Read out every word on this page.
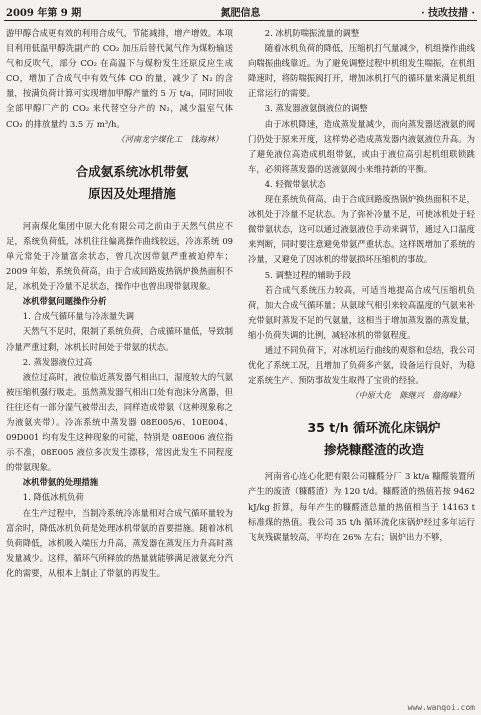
2009 年第 9 期	氮肥信息	· 技改技措 ·

游甲醇合成更有效的利用合成气，节能减排，增产增效。本项目利用低温甲醇洗副产的 CO₂ 加压后替代氮气作为煤粉输送气和反吹气，部分 CO₂ 在高温下与煤粉发生还原反应生成 CO，增加了合成气中有效气体 CO 的量，减少了 N₂ 的含量，按满负荷计算可实现增加甲醇产量约 5 万 t/a，同时回收全部甲醇厂产的 CO₂ 来代替空分产的 N₂，减少温室气体 CO₂ 的排放量约 3.5 万 m³/h。

（河南龙宇煤化工　钱海林）

合成氨系统冰机带氨

原因及处理措施

河南煤化集团中原大化有限公司之前由于天然气供应不足，系统负荷低，冰机往往偏离操作曲线较远，冷冻系统 09 单元常处于冷量富余状态，曾几次因带氨严重被迫停车；2009 年始，系统负荷高，由于合成回路废热锅炉换热面积不足，冰机处于冷量不足状态，操作中也曾出现带氨现象。

冰机带氨问题操作分析

1. 合成气循环量与冷冻量失调

天然气不足时，限制了系统负荷，合成循环量低，导致制冷量严重过剩，冰机长时间处于带氨的状态。

2. 蒸发器液位过高

液位过高时，液位临近蒸发器气相出口，湿度较大的气氨被压缩机强行吸走。虽然蒸发器气相出口处有泡沫分离器，但往往还有一部分湿气被带出去，同样造成带氨（这种现象称之为液氨夹带）。冷冻系统中蒸发器 08E005/6、10E004、09D001 均有发生这种现象的可能，特别是 08E006 液位指示不准，08E005 液位多次发生漂移，常因此发生不同程度的带氨现象。

冰机带氨的处理措施

1. 降低冰机负荷

在生产过程中，当制冷系统冷冻量相对合成气循环量较为富余时，降低冰机负荷是处理冰机带氨的首要措施。随着冰机负荷降低，冰机吸入端压力升高，蒸发器在蒸发压力升高时蒸发量减少。这样，循环气所释放的热量就能够满足液氨充分汽化的需要，从根本上制止了带氨的再发生。

2. 冰机防喘振流量的调整

随着冰机负荷的降低，压缩机打气量减少，机组操作曲线向喘振曲线靠近。为了避免调整过程中机组发生喘振，在机组降速时，将防喘振阀打开，增加冰机打气的循环量来满足机组正常运行的需要。

3. 蒸发器液氨倒液位的调整

由于冰机降速，造成蒸发量减少，而向蒸发器送液氨的阀门仍处于原来开度，这样势必造成蒸发器内液氨液位升高。为了避免液位高造成机组带氨，或由于液位高引起机组联锁跳车，必须将蒸发器的送液氨阀小来维持新的平衡。

4. 轻微带氨状态

现在系统负荷高，由于合成回路废热锅炉换热面积不足，冰机处于冷量不足状态。为了弥补冷量不足，可使冰机处于轻微带氨状态，这可以通过液氨液位手动来调节，通过入口温度来判断，同时要注意避免带氨严重状态。这样既增加了系统的冷量，又避免了因冰机的带氨损坏压缩机的事故。

5. 调整过程的辅助手段

若合成气系统压力较高，可适当地提高合成气压缩机负荷，加大合成气循环量；从氨球气相引来较高温度的气氨来补充带氨时蒸发不足的气氨量，这相当于增加蒸发器的蒸发量，缩小负荷失调的比例，减轻冰机的带氨程度。

通过不同负荷下，对冰机运行曲线的观察和总结，我公司优化了系统工况，且增加了负荷多产氨，设备运行良好，为稳定系统生产、预防事故发生取得了宝贵的经验。

（中原大化　陈继兴　詹海峰）

35 t/h 循环流化床锅炉

掺烧糠醛渣的改造

河南省心连心化肥有限公司糠醛分厂 3 kt/a 糠醛装置所产生的废渣（糠醛渣）为 120 t/d。糠醛渣的热值若按 9462 kJ/kg 折算，每年产生的糠醛渣总量的热值相当于 14163 t 标准煤的热值。我公司 35 t/h 循环流化床锅炉经过多年运行飞灰残碳量较高，平均在 26% 左右；锅炉出力不够，

www.wanqoi.com
